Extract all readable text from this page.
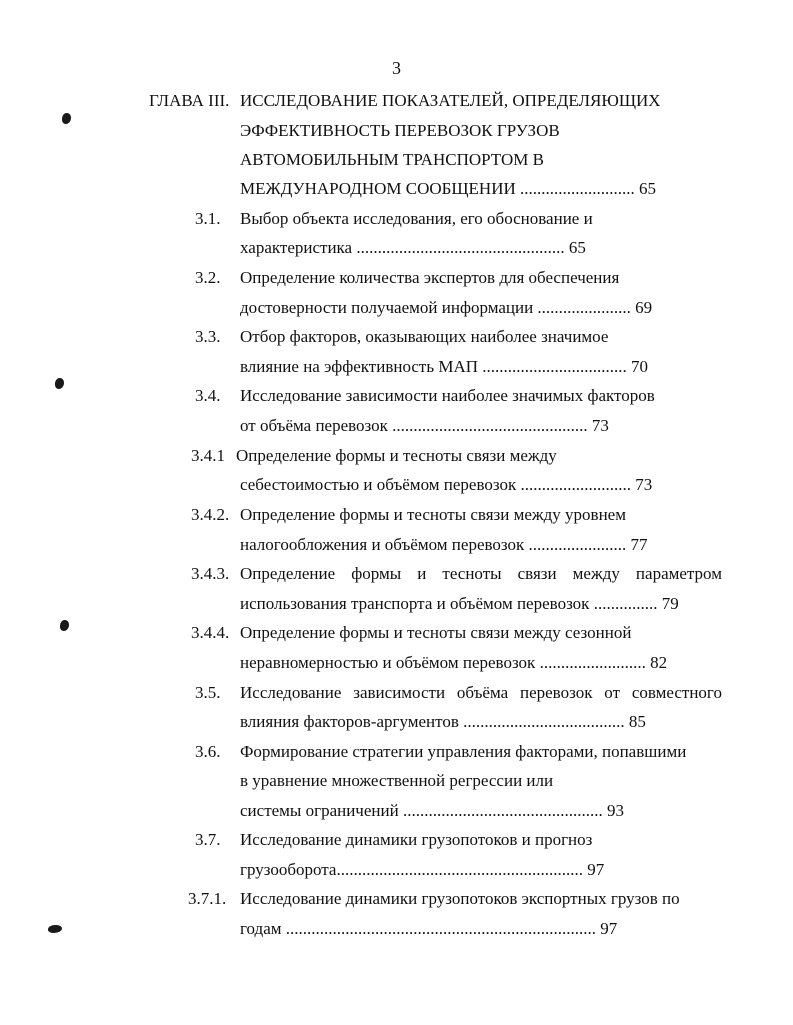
3
ГЛАВА III. ИССЛЕДОВАНИЕ ПОКАЗАТЕЛЕЙ, ОПРЕДЕЛЯЮЩИХ
ЭФФЕКТИВНОСТЬ ПЕРЕВОЗОК ГРУЗОВ
АВТОМОБИЛЬНЫМ ТРАНСПОРТОМ В
МЕЖДУНАРОДНОМ СООБЩЕНИИ ........................... 65
3.1. Выбор объекта исследования, его обоснование и
характеристика ................................................. 65
3.2. Определение количества экспертов для обеспечения
достоверности получаемой информации ...................... 69
3.3. Отбор факторов, оказывающих наиболее значимое
влияние на эффективность МАП .................................. 70
3.4. Исследование зависимости наиболее значимых факторов
от объёма перевозок .............................................. 73
3.4.1 Определение формы и тесноты связи между
себестоимостью и объёмом перевозок .......................... 73
3.4.2. Определение формы и тесноты связи между уровнем
налогообложения и объёмом перевозок ....................... 77
3.4.3. Определение формы и тесноты связи между параметром
использования транспорта и объёмом перевозок ............... 79
3.4.4. Определение формы и тесноты связи между сезонной
неравномерностью и объёмом перевозок ......................... 82
3.5. Исследование зависимости объёма перевозок от совместного
влияния факторов-аргументов ...................................... 85
3.6. Формирование стратегии управления факторами, попавшими
в уравнение множественной регрессии или
системы ограничений ............................................... 93
3.7. Исследование динамики грузопотоков и прогноз
грузооборота.......................................................... 97
3.7.1. Исследование динамики грузопотоков экспортных грузов по
годам ......................................................................... 97
